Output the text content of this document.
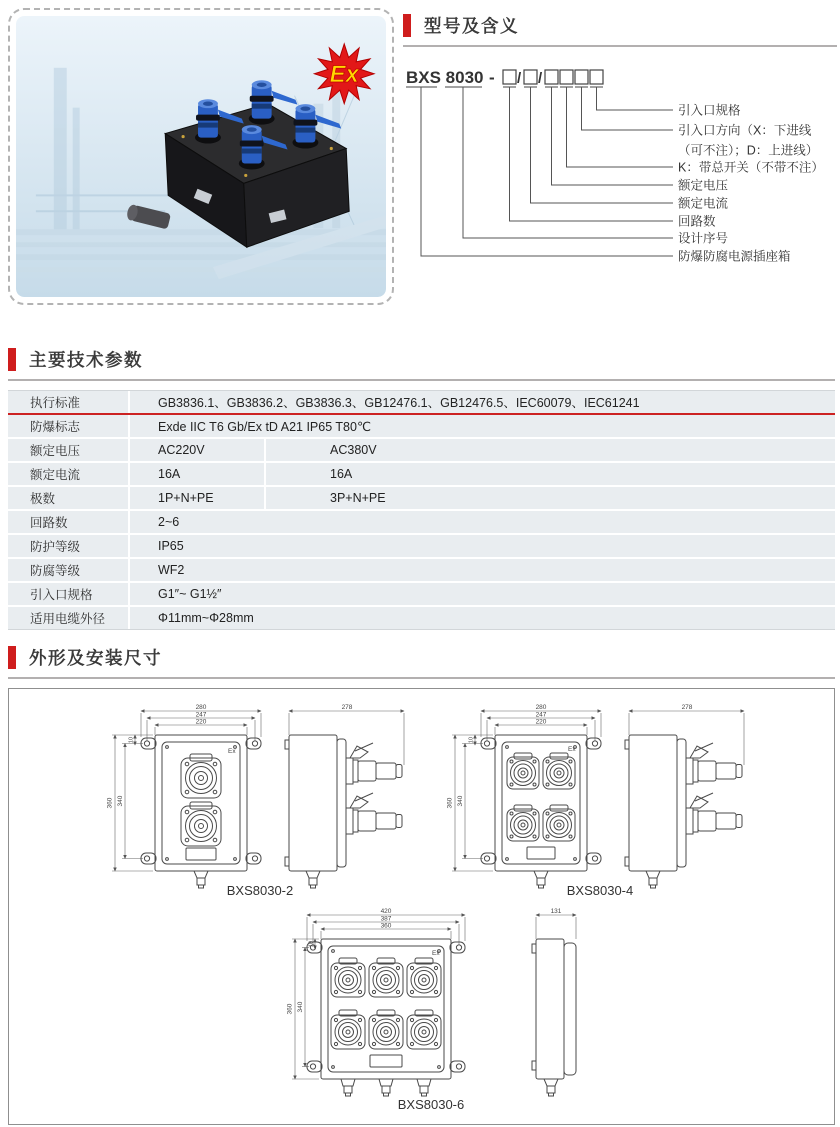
Ex
型号及含义
BXS 8030 - / /
引入口规格
引入口方向（X：下进线
（可不注）；D：上进线）
K：带总开关（不带不注）
额定电压
额定电流
回路数
设计序号
防爆防腐电源插座箱
主要技术参数
执行标准	GB3836.1、GB3836.2、GB3836.3、GB12476.1、GB12476.5、IEC60079、IEC61241
防爆标志	Exde IIC T6 Gb/Ex tD A21 IP65 T80℃
额定电压	AC220V	AC380V
额定电流	16A	16A
极数	1P+N+PE	3P+N+PE
回路数	2~6
防护等级	IP65
防腐等级	WF2
引入口规格	G1″~ G1½″
适用电缆外径	Φ11mm~Φ28mm
外形及安装尺寸
280
247
220
360 340
10
278
Ex
BXS8030-2
280
247
220
360 340
10
278
Ex
BXS8030-4
420
387
360
360 340
10
131
Ex
BXS8030-6
